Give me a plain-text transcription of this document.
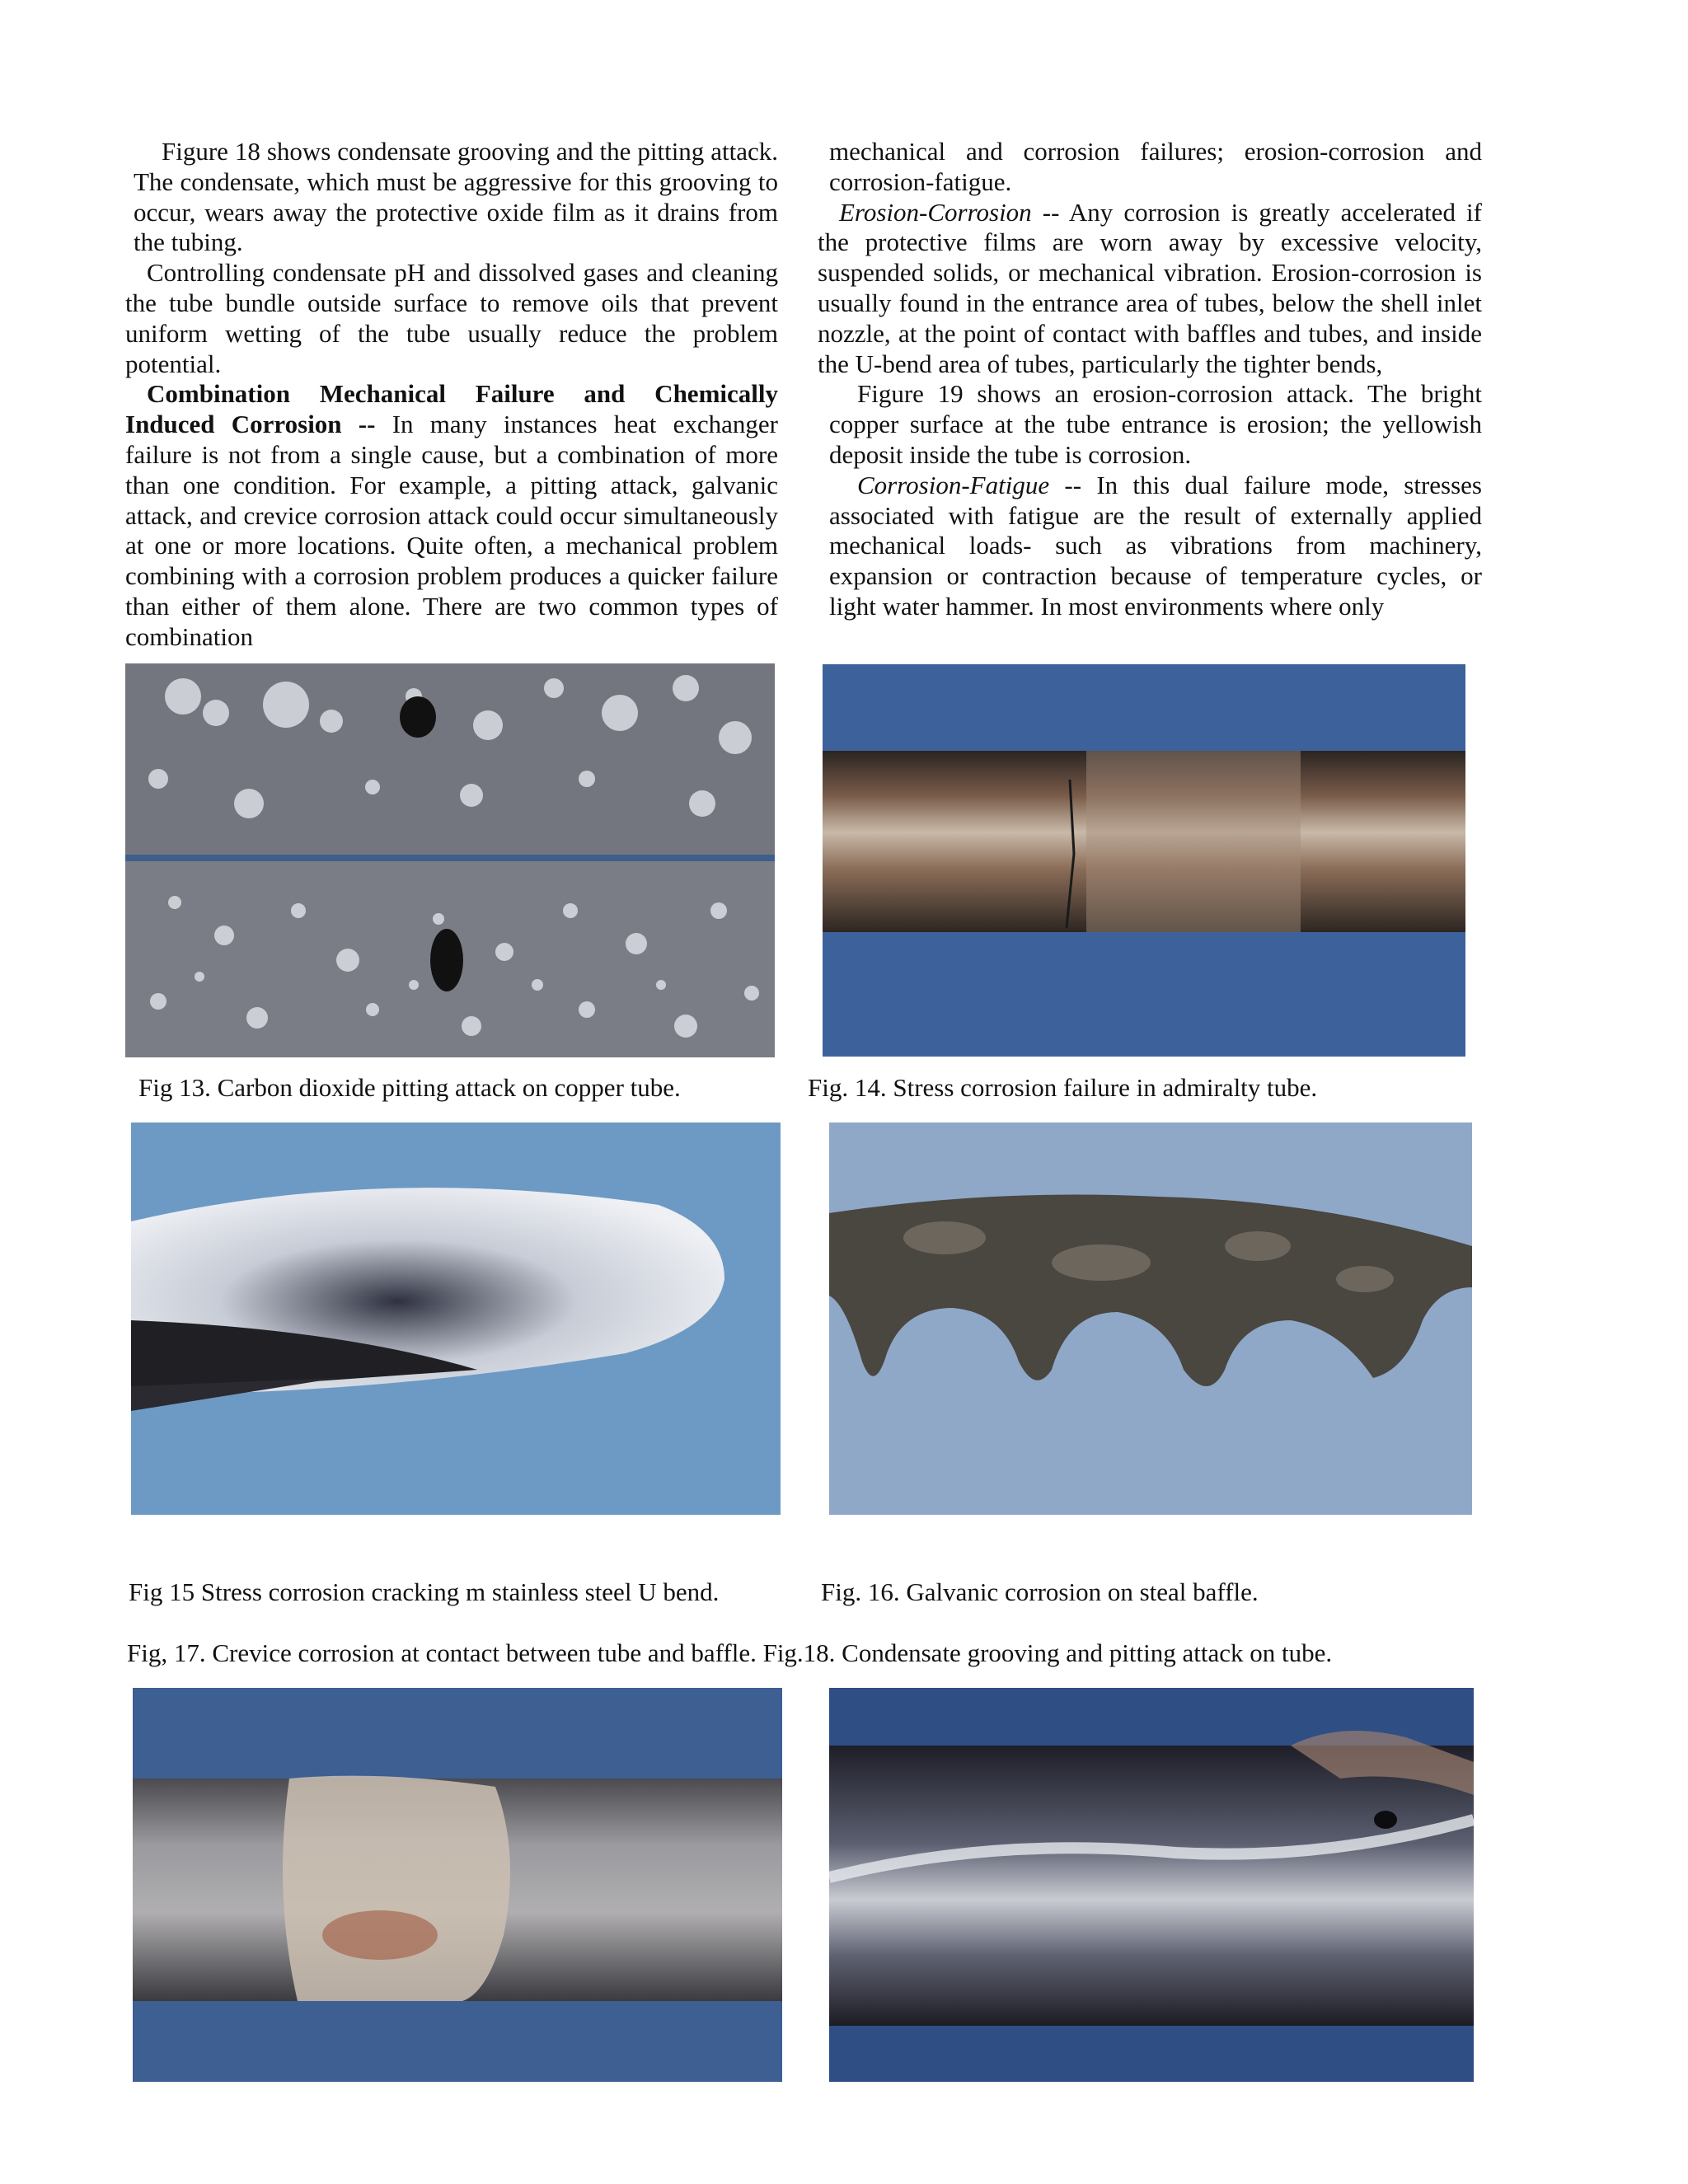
Figure 18 shows condensate grooving and the pitting attack. The condensate, which must be aggressive for this grooving to occur, wears away the protective oxide film as it drains from the tubing.

Controlling condensate pH and dissolved gases and cleaning the tube bundle outside surface to remove oils that prevent uniform wetting of the tube usually reduce the problem potential.

Combination Mechanical Failure and Chemically Induced Corrosion -- In many instances heat exchanger failure is not from a single cause, but a combination of more than one condition. For example, a pitting attack, galvanic attack, and crevice corrosion attack could occur simultaneously at one or more locations. Quite often, a mechanical problem combining with a corrosion problem produces a quicker failure than either of them alone. There are two common types of combination

mechanical and corrosion failures; erosion-corrosion and corrosion-fatigue.

Erosion-Corrosion -- Any corrosion is greatly accelerated if the protective films are worn away by excessive velocity, suspended solids, or mechanical vibration. Erosion-corrosion is usually found in the entrance area of tubes, below the shell inlet nozzle, at the point of contact with baffles and tubes, and inside the U-bend area of tubes, particularly the tighter bends,

Figure 19 shows an erosion-corrosion attack. The bright copper surface at the tube entrance is erosion; the yellowish deposit inside the tube is corrosion.

Corrosion-Fatigue -- In this dual failure mode, stresses associated with fatigue are the result of externally applied mechanical loads- such as vibrations from machinery, expansion or contraction because of temperature cycles, or light water hammer. In most environments where only

Fig 13. Carbon dioxide pitting attack on copper tube.	Fig. 14. Stress corrosion failure in admiralty tube.
Fig 15 Stress corrosion cracking m stainless steel U bend.	Fig. 16. Galvanic corrosion on steal baffle.
Fig, 17. Crevice corrosion at contact between tube and baffle. Fig.18. Condensate grooving and pitting attack on tube.
